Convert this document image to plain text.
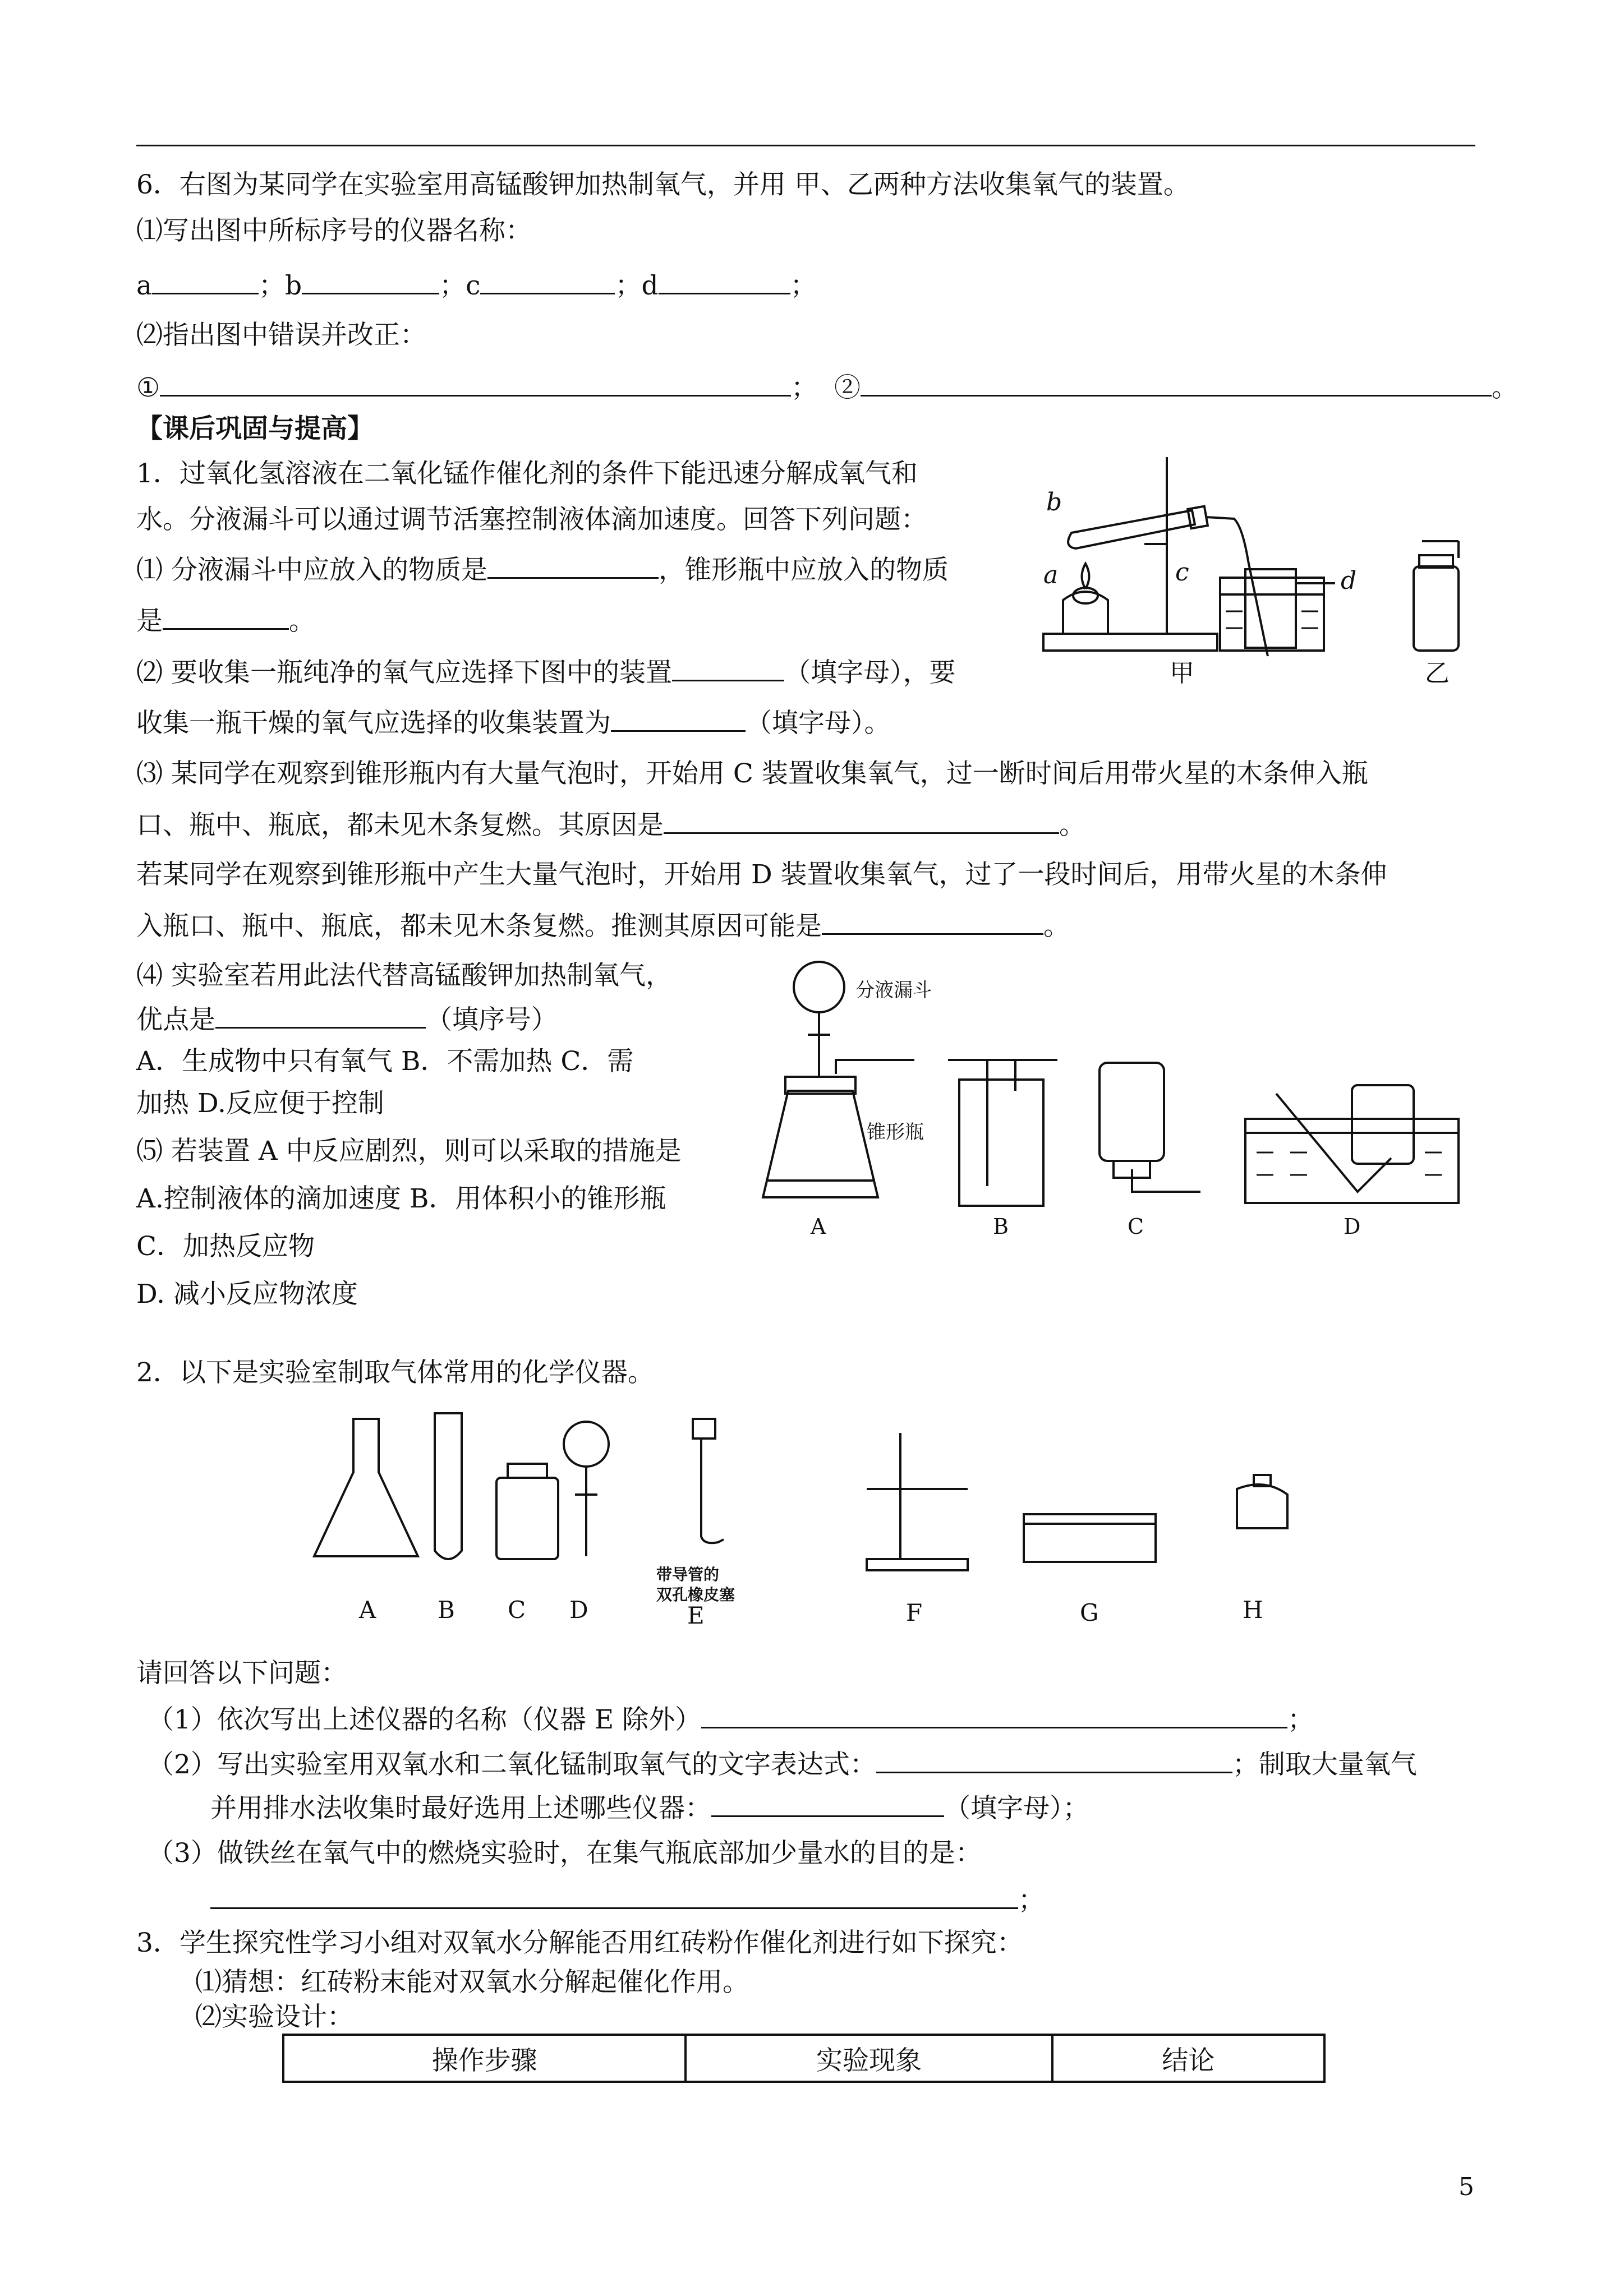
6．右图为某同学在实验室用高锰酸钾加热制氧气，并用 甲、乙两种方法收集氧气的装置。
⑴写出图中所标序号的仪器名称：
a	；b	；c	；d	；
⑵指出图中错误并改正：
①	； ②	。
【课后巩固与提高】
1．过氧化氢溶液在二氧化锰作催化剂的条件下能迅速分解成氧气和
水。分液漏斗可以通过调节活塞控制液体滴加速度。回答下列问题：
⑴ 分液漏斗中应放入的物质是	，锥形瓶中应放入的物质
是	。
⑵ 要收集一瓶纯净的氧气应选择下图中的装置	（填字母），要
收集一瓶干燥的氧气应选择的收集装置为	（填字母）。
⑶ 某同学在观察到锥形瓶内有大量气泡时，开始用 C 装置收集氧气，过一断时间后用带火星的木条伸入瓶
口、瓶中、瓶底，都未见木条复燃。其原因是	。
若某同学在观察到锥形瓶中产生大量气泡时，开始用 D 装置收集氧气，过了一段时间后，用带火星的木条伸
入瓶口、瓶中、瓶底，都未见木条复燃。推测其原因可能是	。
⑷ 实验室若用此法代替高锰酸钾加热制氧气，
优点是	（填序号）
A．生成物中只有氧气 B．不需加热 C．需
加热 D.反应便于控制
⑸ 若装置 A 中反应剧烈，则可以采取的措施是
A.控制液体的滴加速度 B．用体积小的锥形瓶
C．加热反应物
D. 减小反应物浓度
a
b
c	d
甲	乙
分液漏斗
锥形瓶
A	B	C	D
2．以下是实验室制取气体常用的化学仪器。
带导管的
双孔橡皮塞
A	B C D	E	F	G	H
请回答以下问题：
（1）依次写出上述仪器的名称（仪器 E 除外）	；
（2）写出实验室用双氧水和二氧化锰制取氧气的文字表达式：	；制取大量氧气
并用排水法收集时最好选用上述哪些仪器：	（填字母）；
（3）做铁丝在氧气中的燃烧实验时，在集气瓶底部加少量水的目的是：
；
3．学生探究性学习小组对双氧水分解能否用红砖粉作催化剂进行如下探究：
⑴猜想：红砖粉末能对双氧水分解起催化作用。
⑵实验设计：
操作步骤	实验现象	结论
5
